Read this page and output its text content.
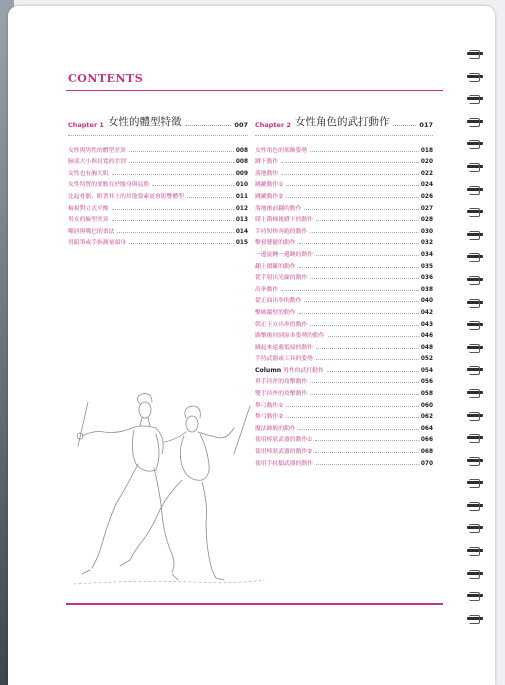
CONTENTS
Chapter 1 女性的體型特徵	007
女性與男性的體型差異	008
臉部大小與肩寬的差別	008
女性也有胸大肌	009
女性特質的要點在於腰身與屁股	010
比起骨骼，附著其上的其他要素更會影響體型	011
檢視對立式平衡	012
男女的臉型差異	013
嘴唇與嘴巴的畫法	014
用鉛筆或手指測量頭身	015
Chapter 2 女性角色的武打動作	017
女性角色的架飾姿勢	018
跳下動作	020
落地動作	022
跳躍動作①	024
跳躍動作②	026
落地後前翻的動作	027
爬上階梯後蹲下的動作	028
手持短棒奔跑的動作	030
擊發懸擺的動作	032
一邊旋轉一邊跳的動作	034
翻上圍籬的動作	035
從手射出光線的動作	036
出拳動作	038
從正面出拳的動作	040
擊破牆壁的動作	042
朝正下方出拳的動作	043
踢擊後回到原本姿勢的動作	046
跳起來遠避低掃的動作	048
手持武器或工具的姿勢	052
Column 男性的武打動作	054
單手持斧的攻擊動作	056
雙手持斧的攻擊動作	058
舉弓動作①	060
舉弓動作②	062
魔法師般的動作	064
使用棒狀武器的動作①	066
使用棒狀武器的動作②	068
使用手杖類武器的動作	070
